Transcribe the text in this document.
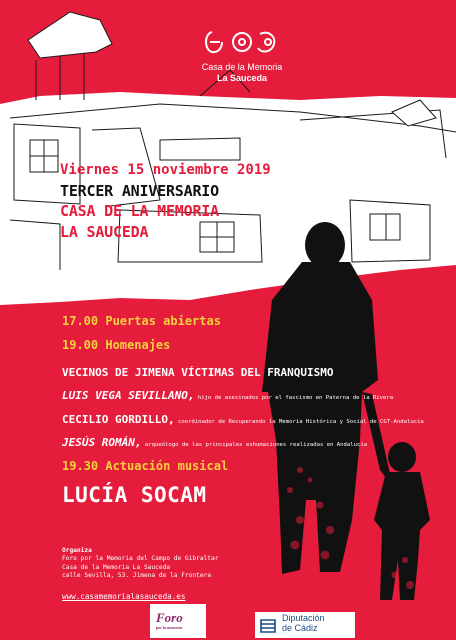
Casa de la Memoria
La Sauceda
Viernes 15 noviembre 2019
TERCER ANIVERSARIO
CASA DE LA MEMORIA
LA SAUCEDA
17.00 Puertas abiertas
19.00 Homenajes
VECINOS DE JIMENA VÍCTIMAS DEL FRANQUISMO
LUIS VEGA SEVILLANO, hijo de asesinados por el fascismo en Paterna de la Rivera
CECILIO GORDILLO, coordinador de Recuperando la Memoria Histórica y Social de CGT-Andalucía
JESÚS ROMÁN, arqueólogo de las principales exhumaciones realizadas en Andalucía
19.30 Actuación musical
LUCÍA SOCAM
Organiza
Foro por la Memoria del Campo de Gibraltar
Casa de la Memoria La Sauceda
calle Sevilla, 53. Jimena de la Frontera
www.casamemorialasauceda.es
Foro
por la memoria
Diputación
de Cádiz
